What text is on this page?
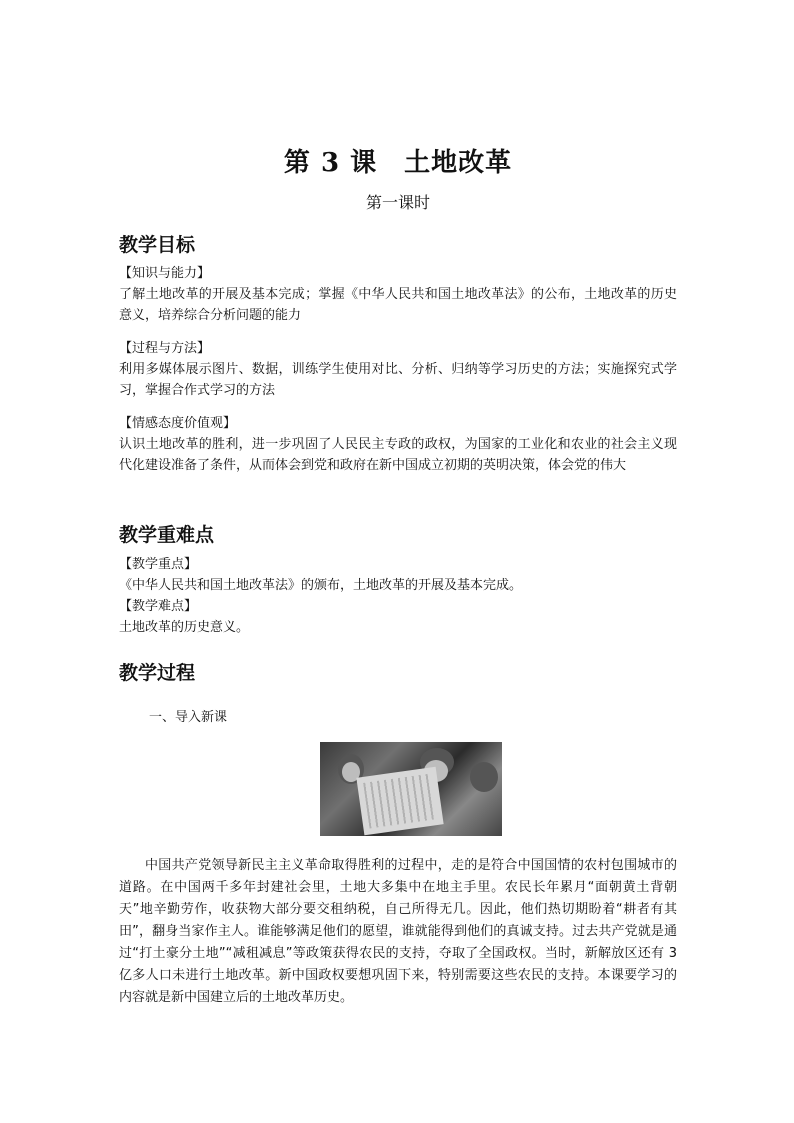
第 3 课　土地改革
第一课时
教学目标
【知识与能力】
了解土地改革的开展及基本完成；掌握《中华人民共和国土地改革法》的公布，土地改革的历史意义，培养综合分析问题的能力
【过程与方法】
利用多媒体展示图片、数据，训练学生使用对比、分析、归纳等学习历史的方法；实施探究式学习，掌握合作式学习的方法
【情感态度价值观】
认识土地改革的胜利，进一步巩固了人民民主专政的政权，为国家的工业化和农业的社会主义现代化建设准备了条件，从而体会到党和政府在新中国成立初期的英明决策，体会党的伟大
教学重难点
【教学重点】
《中华人民共和国土地改革法》的颁布，土地改革的开展及基本完成。
【教学难点】
土地改革的历史意义。
教学过程
一、导入新课
中国共产党领导新民主主义革命取得胜利的过程中，走的是符合中国国情的农村包围城市的道路。在中国两千多年封建社会里，土地大多集中在地主手里。农民长年累月“面朝黄土背朝天”地辛勤劳作，收获物大部分要交租纳税，自己所得无几。因此，他们热切期盼着“耕者有其田”，翻身当家作主人。谁能够满足他们的愿望，谁就能得到他们的真诚支持。过去共产党就是通过“打土豪分土地”“减租减息”等政策获得农民的支持，夺取了全国政权。当时，新解放区还有 3 亿多人口未进行土地改革。新中国政权要想巩固下来，特别需要这些农民的支持。本课要学习的内容就是新中国建立后的土地改革历史。
